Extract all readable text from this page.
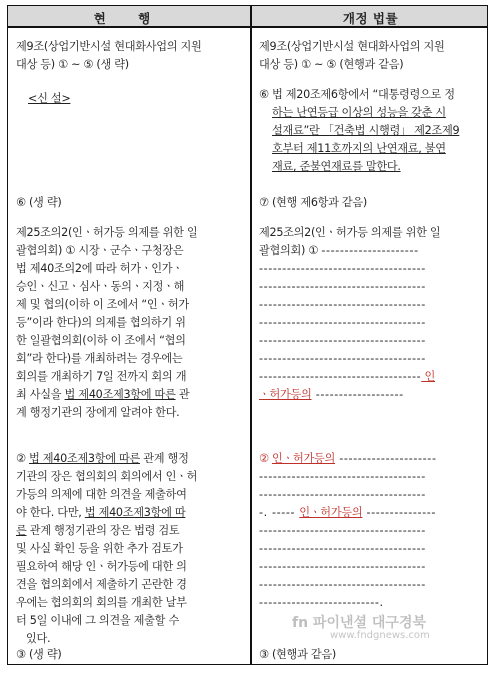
현 행	개정 법률
제9조(상업기반시설 현대화사업의 지원
대상 등) ① ~ ⑤ (생 략)
<신 설>
⑥ (생 략)
제25조의2(인ㆍ허가등 의제를 위한 일
괄협의회) ① 시장ㆍ군수ㆍ구청장은
법 제40조의2에 따라 허가ㆍ인가ㆍ
승인ㆍ신고ㆍ심사ㆍ동의ㆍ지정ㆍ해
제 및 협의(이하 이 조에서 “인ㆍ허가
등”이라 한다)의 의제를 협의하기 위
한 일괄협의회(이하 이 조에서 “협의
회”라 한다)를 개최하려는 경우에는
회의를 개최하기 7일 전까지 회의 개
최 사실을 법 제40조제3항에 따른 관
계 행정기관의 장에게 알려야 한다.
② 법 제40조제3항에 따른 관계 행정
기관의 장은 협의회의 회의에서 인ㆍ허
가등의 의제에 대한 의견을 제출하여
야 한다. 다만, 법 제40조제3항에 따
른 관계 행정기관의 장은 법령 검토
및 사실 확인 등을 위한 추가 검토가
필요하여 해당 인ㆍ허가등에 대한 의
견을 협의회에서 제출하기 곤란한 경
우에는 협의회의 회의를 개최한 날부
터 5일 이내에 그 의견을 제출할 수
있다.
③ (생 략)
제9조(상업기반시설 현대화사업의 지원
대상 등) ① ~ ⑤ (현행과 같음)
⑥ 법 제20조제6항에서 “대통령령으로 정
하는 난연등급 이상의 성능을 갖춘 시
설재료”란 「건축법 시행령」 제2조제9
호부터 제11호까지의 난연재료, 불연
재료, 준불연재료를 말한다.
⑦ (현행 제6항과 같음)
제25조의2(인ㆍ허가등 의제를 위한 일
괄협의회) ① ---------------------
------------------------------------
------------------------------------
------------------------------------
------------------------------------
------------------------------------
------------------------------------
----------------------------------- 인
ㆍ허가등의 -------------------
② 인ㆍ허가등의 ---------------------
------------------------------------
------------------------------------
-. ----- 인ㆍ허가등의 ---------------
------------------------------------
------------------------------------
------------------------------------
------------------------------------
--------------------------.
③ (현행과 같음)
fn 파이낸셜 대구경북
www.fndgnews.com
